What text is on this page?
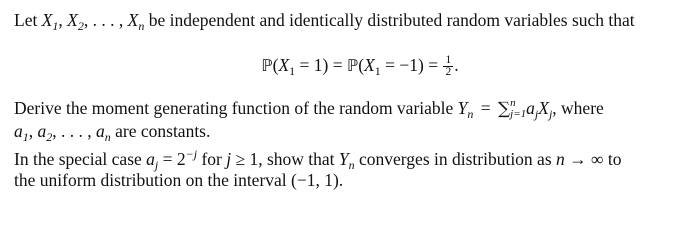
Let $X_1$, $X_2$, . . . , $X_n$ be independent and identically distributed random variables such that

$ℙ(X_1 = 1)$ = $ℙ(X_1 = -1) = \frac{1}{2}$ .

Derive the moment generating function of the random variable $Y_n$ = ∑ n
j=1 $a_jX_j$, where
$a_1$, $a_2$, . . . , $a_n$ are constants.

In the special case $a_j = 2^{-j}$ for j ≥ 1, show that $Y_n$ converges in distribution as n → ∞ to
the uniform distribution on the interval (−1, 1).
